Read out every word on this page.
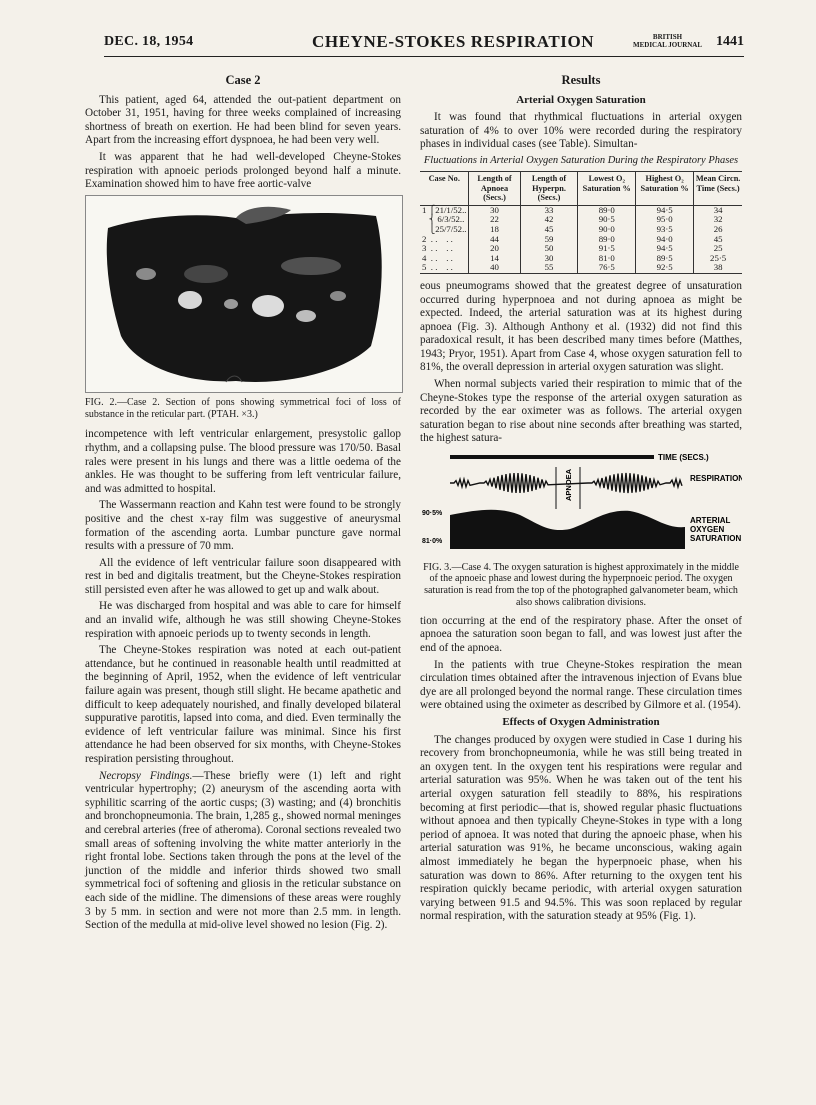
DEC. 18, 1954	CHEYNE-STOKES RESPIRATION	BRITISH
MEDICAL JOURNAL 1441
Case 2

This patient, aged 64, attended the out-patient department on October 31, 1951, having for three weeks complained of increasing shortness of breath on exertion. He had been blind for seven years. Apart from the increasing effort dyspnoea, he had been very well.

It was apparent that he had well-developed Cheyne-Stokes respiration with apnoeic periods prolonged beyond half a minute. Examination showed him to have free aortic-valve

FIG. 2.—Case 2. Section of pons showing symmetrical foci of loss of substance in the reticular part. (PTAH. ×3.)

incompetence with left ventricular enlargement, presystolic gallop rhythm, and a collapsing pulse. The blood pressure was 170/50. Basal rales were present in his lungs and there was a little oedema of the ankles. He was thought to be suffering from left ventricular failure, and was admitted to hospital.

The Wassermann reaction and Kahn test were found to be strongly positive and the chest x-ray film was suggestive of aneurysmal formation of the ascending aorta. Lumbar puncture gave normal results with a pressure of 70 mm.

All the evidence of left ventricular failure soon disappeared with rest in bed and digitalis treatment, but the Cheyne-Stokes respiration still persisted even after he was allowed to get up and walk about.

He was discharged from hospital and was able to care for himself and an invalid wife, although he was still showing Cheyne-Stokes respiration with apnoeic periods up to twenty seconds in length.

The Cheyne-Stokes respiration was noted at each out-patient attendance, but he continued in reasonable health until readmitted at the beginning of April, 1952, when the evidence of left ventricular failure again was present, though still slight. He became apathetic and difficult to keep adequately nourished, and finally developed bilateral suppurative parotitis, lapsed into coma, and died. Even terminally the evidence of left ventricular failure was minimal. Since his first attendance he had been observed for six months, with Cheyne-Stokes respiration persisting throughout.

Necropsy Findings.—These briefly were (1) left and right ventricular hypertrophy; (2) aneurysm of the ascending aorta with syphilitic scarring of the aortic cusps; (3) wasting; and (4) bronchitis and bronchopneumonia. The brain, 1,285 g., showed normal meninges and cerebral arteries (free of atheroma). Coronal sections revealed two small areas of softening involving the white matter anteriorly in the right frontal lobe. Sections taken through the pons at the level of the junction of the middle and inferior thirds showed two small symmetrical foci of softening and gliosis in the reticular substance on each side of the midline. The dimensions of these areas were roughly 3 by 5 mm. in section and were not more than 2.5 mm. in length. Section of the medulla at mid-olive level showed no lesion (Fig. 2).

Results
Arterial Oxygen Saturation

It was found that rhythmical fluctuations in arterial oxygen saturation of 4% to over 10% were recorded during the respiratory phases in individual cases (see Table). Simultan-

Fluctuations in Arterial Oxygen Saturation During the Respiratory Phases
Case No.	Length of Apnoea (Secs.)	Length of Hyperpn. (Secs.)	Lowest O₂ Saturation %	Highest O₂ Saturation %	Mean Circn. Time (Secs.)
1 ⎧21/1/52..	30	33	89·0	94·5	34
⎨ 6/3/52..	22	42	90·5	95·0	32
⎩25/7/52..	18	45	90·0	93·5	26
2  . .    . .	44	59	89·0	94·0	45
3  . .    . .	20	50	91·5	94·5	25
4  . .    . .	14	30	81·0	89·5	25·5
5  . .    . .	40	55	76·5	92·5	38

eous pneumograms showed that the greatest degree of unsaturation occurred during hyperpnoea and not during apnoea as might be expected. Indeed, the arterial saturation was at its highest during apnoea (Fig. 3). Although Anthony et al. (1932) did not find this paradoxical result, it has been described many times before (Matthes, 1943; Pryor, 1951). Apart from Case 4, whose oxygen saturation fell to 81%, the overall depression in arterial oxygen saturation was slight.

When normal subjects varied their respiration to mimic that of the Cheyne-Stokes type the response of the arterial oxygen saturation as recorded by the ear oximeter was as follows. The arterial oxygen saturation began to rise about nine seconds after breathing was started, the highest satura-

TIME (SECS.)
RESPIRATION
APNOEA
90·5%
81·0%
ARTERIAL
OXYGEN
SATURATION
FIG. 3.—Case 4. The oxygen saturation is highest approximately in the middle of the apnoeic phase and lowest during the hyperpnoeic period. The oxygen saturation is read from the top of the photographed galvanometer beam, which also shows calibration divisions.

tion occurring at the end of the respiratory phase. After the onset of apnoea the saturation soon began to fall, and was lowest just after the end of the apnoea.

In the patients with true Cheyne-Stokes respiration the mean circulation times obtained after the intravenous injection of Evans blue dye are all prolonged beyond the normal range. These circulation times were obtained using the oximeter as described by Gilmore et al. (1954).

Effects of Oxygen Administration

The changes produced by oxygen were studied in Case 1 during his recovery from bronchopneumonia, while he was still being treated in an oxygen tent. In the oxygen tent his respirations were regular and arterial saturation was 95%. When he was taken out of the tent his arterial oxygen saturation fell steadily to 88%, his respirations becoming at first periodic—that is, showed regular phasic fluctuations without apnoea and then typically Cheyne-Stokes in type with a long period of apnoea. It was noted that during the apnoeic phase, when his arterial saturation was 91%, he became unconscious, waking again almost immediately he began the hyperpnoeic phase, when his saturation was down to 86%. After returning to the oxygen tent his respiration quickly became periodic, with arterial oxygen saturation varying between 91.5 and 94.5%. This was soon replaced by regular normal respiration, with the saturation steady at 95% (Fig. 1).
